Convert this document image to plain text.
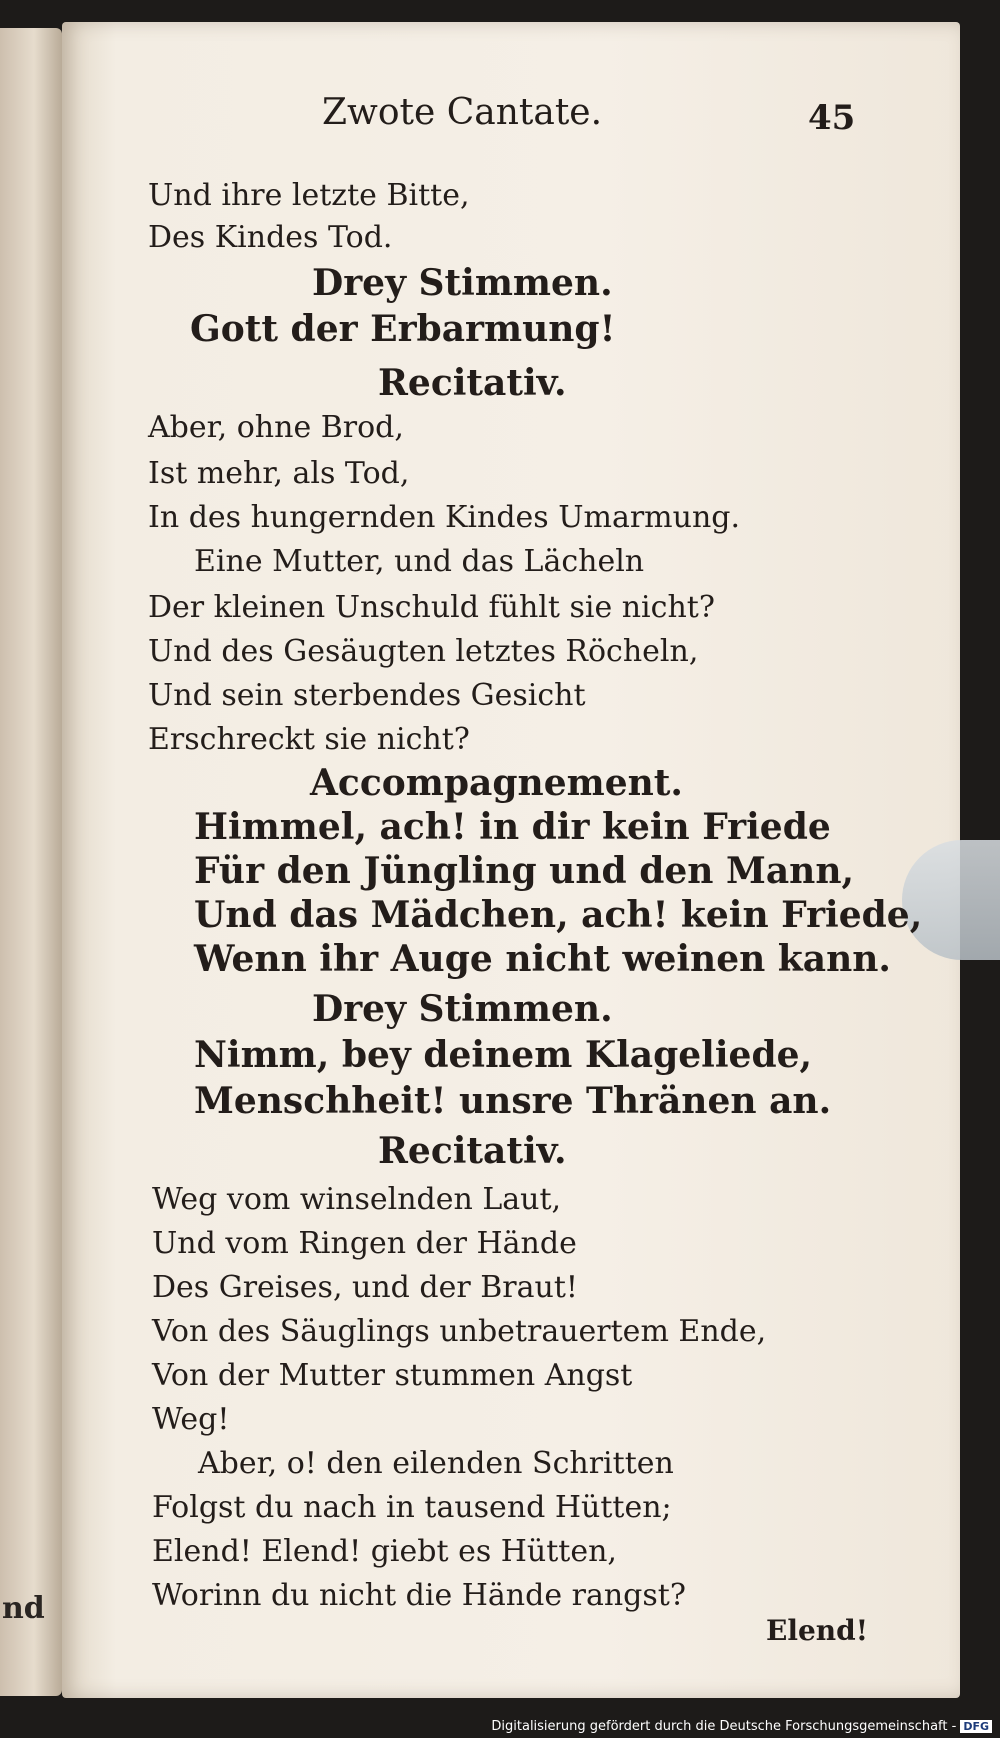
nd
Zwote Cantate.	45
Und ihre letzte Bitte,
Des Kindes Tod.
Drey Stimmen.
Gott der Erbarmung!
Recitativ.
Aber, ohne Brod,
Ist mehr, als Tod,
In des hungernden Kindes Umarmung.
Eine Mutter, und das Lächeln
Der kleinen Unschuld fühlt sie nicht?
Und des Gesäugten letztes Röcheln,
Und sein sterbendes Gesicht
Erschreckt sie nicht?
Accompagnement.
Himmel, ach! in dir kein Friede
Für den Jüngling und den Mann,
Und das Mädchen, ach! kein Friede,
Wenn ihr Auge nicht weinen kann.
Drey Stimmen.
Nimm, bey deinem Klageliede,
Menschheit! unsre Thränen an.
Recitativ.
Weg vom winselnden Laut,
Und vom Ringen der Hände
Des Greises, und der Braut!
Von des Säuglings unbetrauertem Ende,
Von der Mutter stummen Angst
Weg!
Aber, o! den eilenden Schritten
Folgst du nach in tausend Hütten;
Elend! Elend! giebt es Hütten,
Worinn du nicht die Hände rangst?
Elend!
Digitalisierung gefördert durch die Deutsche Forschungsgemeinschaft - DFG
